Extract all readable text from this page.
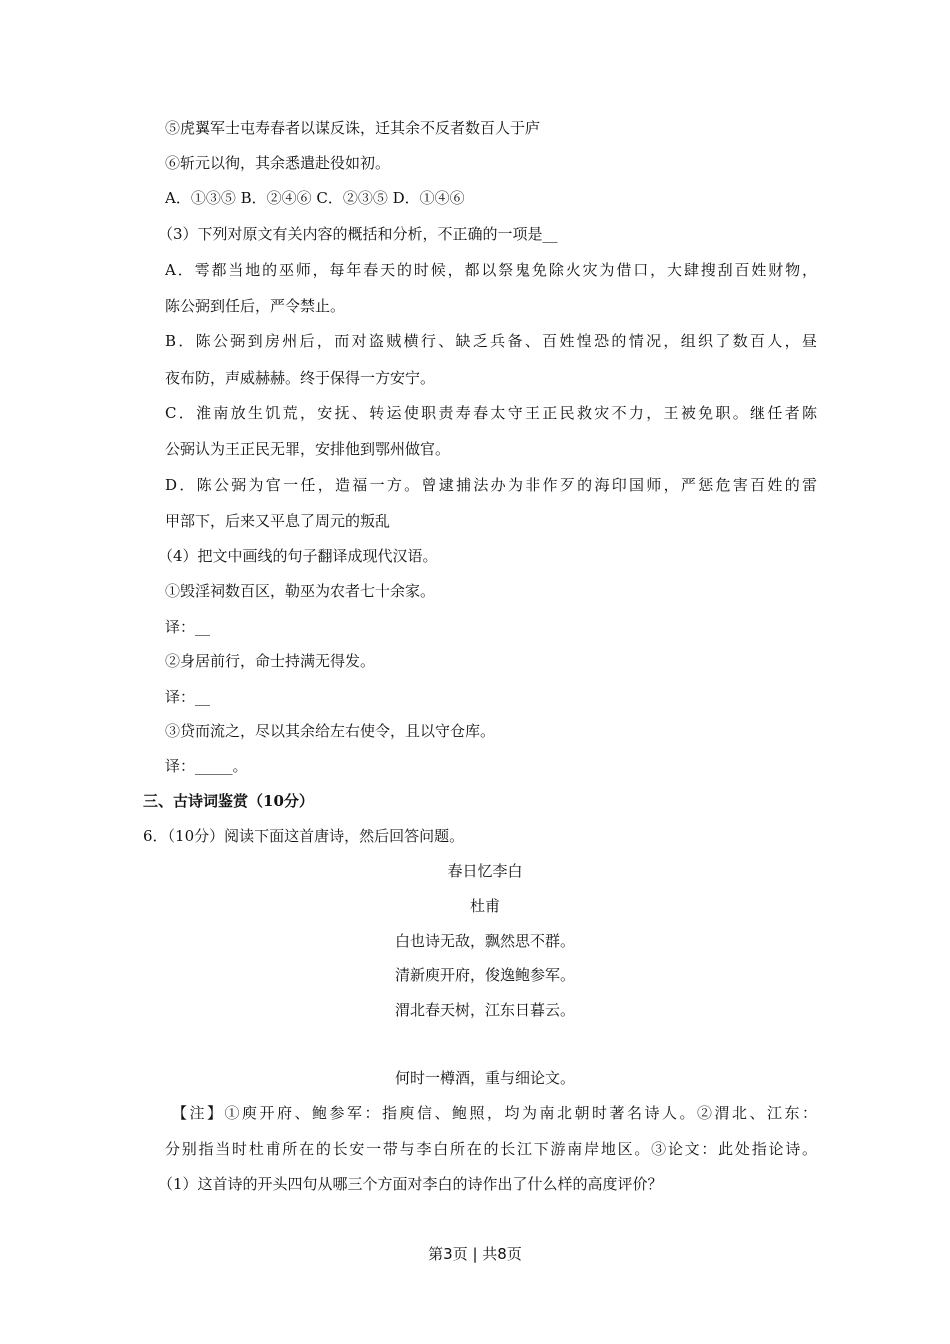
⑤虎翼军士屯寿春者以谋反诛，迁其余不反者数百人于庐
⑥斩元以徇，其余悉遣赴役如初。
A．①③⑤ B．②④⑥ C．②③⑤ D．①④⑥
（3）下列对原文有关内容的概括和分析，不正确的一项是__
A．雩都当地的巫师，每年春天的时候，都以祭鬼免除火灾为借口，大肆搜刮百姓财物，
陈公弼到任后，严令禁止。
B．陈公弼到房州后，而对盗贼横行、缺乏兵备、百姓惶恐的情况，组织了数百人，昼
夜布防，声威赫赫。终于保得一方安宁。
C．淮南放生饥荒，安抚、转运使职责寿春太守王正民救灾不力，王被免职。继任者陈
公弼认为王正民无罪，安排他到鄂州做官。
D．陈公弼为官一任，造福一方。曾逮捕法办为非作歹的海印国师，严惩危害百姓的雷
甲部下，后来又平息了周元的叛乱
（4）把文中画线的句子翻译成现代汉语。
①毁淫祠数百区，勒巫为农者七十余家。
译：__
②身居前行，命士持满无得发。
译：__
③贷而流之，尽以其余给左右使令，且以守仓库。
译：_____。
三、古诗词鉴赏（10分）
6．（10分）阅读下面这首唐诗，然后回答问题。
春日忆李白
杜甫
白也诗无敌，飘然思不群。
清新庾开府，俊逸鲍参军。
渭北春天树，江东日暮云。
何时一樽酒，重与细论文。
【注】①庾开府、鲍参军：指庾信、鲍照，均为南北朝时著名诗人。②渭北、江东：
分别指当时杜甫所在的长安一带与李白所在的长江下游南岸地区。③论文：此处指论诗。
（1）这首诗的开头四句从哪三个方面对李白的诗作出了什么样的高度评价？
第3页 | 共8页
